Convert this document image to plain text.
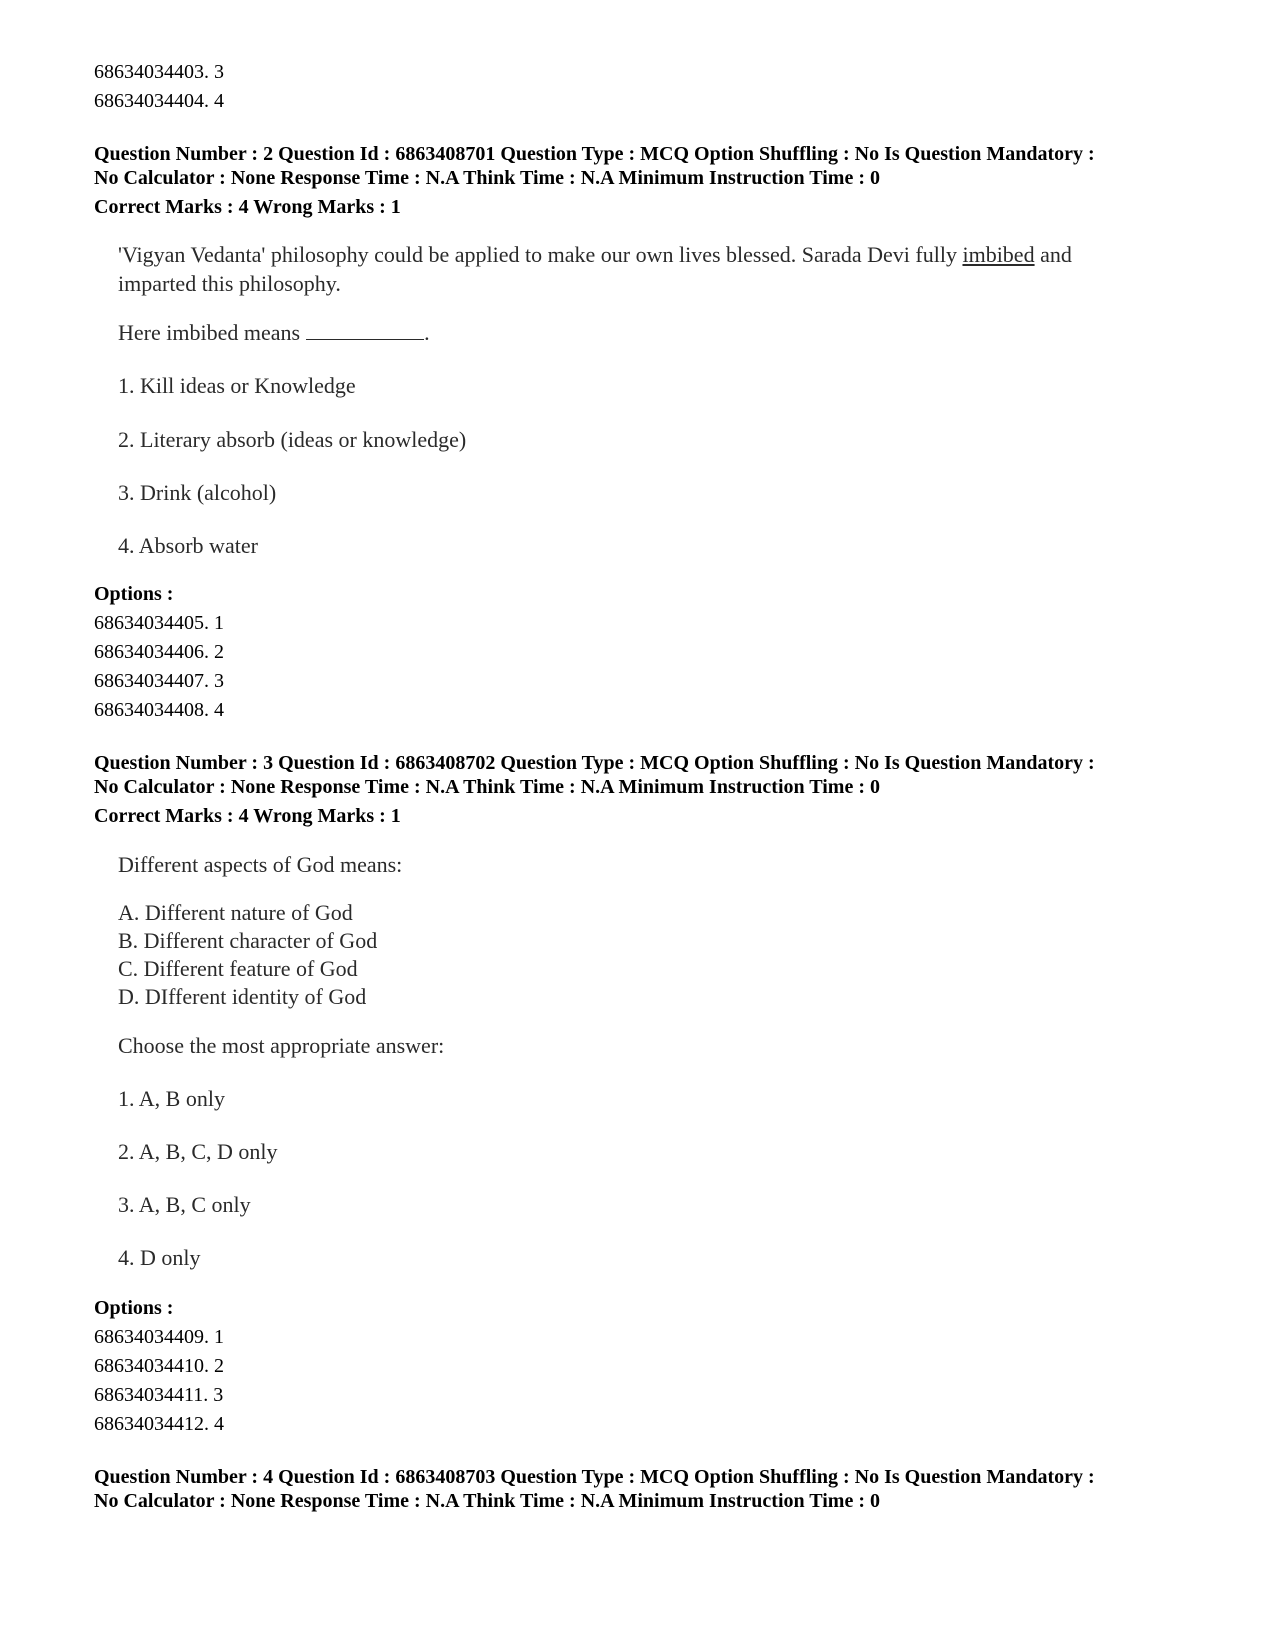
68634034403. 3

68634034404. 4

Question Number : 2 Question Id : 6863408701 Question Type : MCQ Option Shuffling : No Is Question Mandatory :

No Calculator : None Response Time : N.A Think Time : N.A Minimum Instruction Time : 0

Correct Marks : 4 Wrong Marks : 1

'Vigyan Vedanta' philosophy could be applied to make our own lives blessed. Sarada Devi fully imbibed and
imparted this philosophy.

Here imbibed means	.

1. Kill ideas or Knowledge

2. Literary absorb (ideas or knowledge)

3. Drink (alcohol)

4. Absorb water

Options :

68634034405. 1

68634034406. 2

68634034407. 3

68634034408. 4

Question Number : 3 Question Id : 6863408702 Question Type : MCQ Option Shuffling : No Is Question Mandatory :

No Calculator : None Response Time : N.A Think Time : N.A Minimum Instruction Time : 0

Correct Marks : 4 Wrong Marks : 1

Different aspects of God means:

A. Different nature of God

B. Different character of God

C. Different feature of God

D. DIfferent identity of God

Choose the most appropriate answer:

1. A, B only

2. A, B, C, D only

3. A, B, C only

4. D only

Options :

68634034409. 1

68634034410. 2

68634034411. 3

68634034412. 4

Question Number : 4 Question Id : 6863408703 Question Type : MCQ Option Shuffling : No Is Question Mandatory :

No Calculator : None Response Time : N.A Think Time : N.A Minimum Instruction Time : 0
